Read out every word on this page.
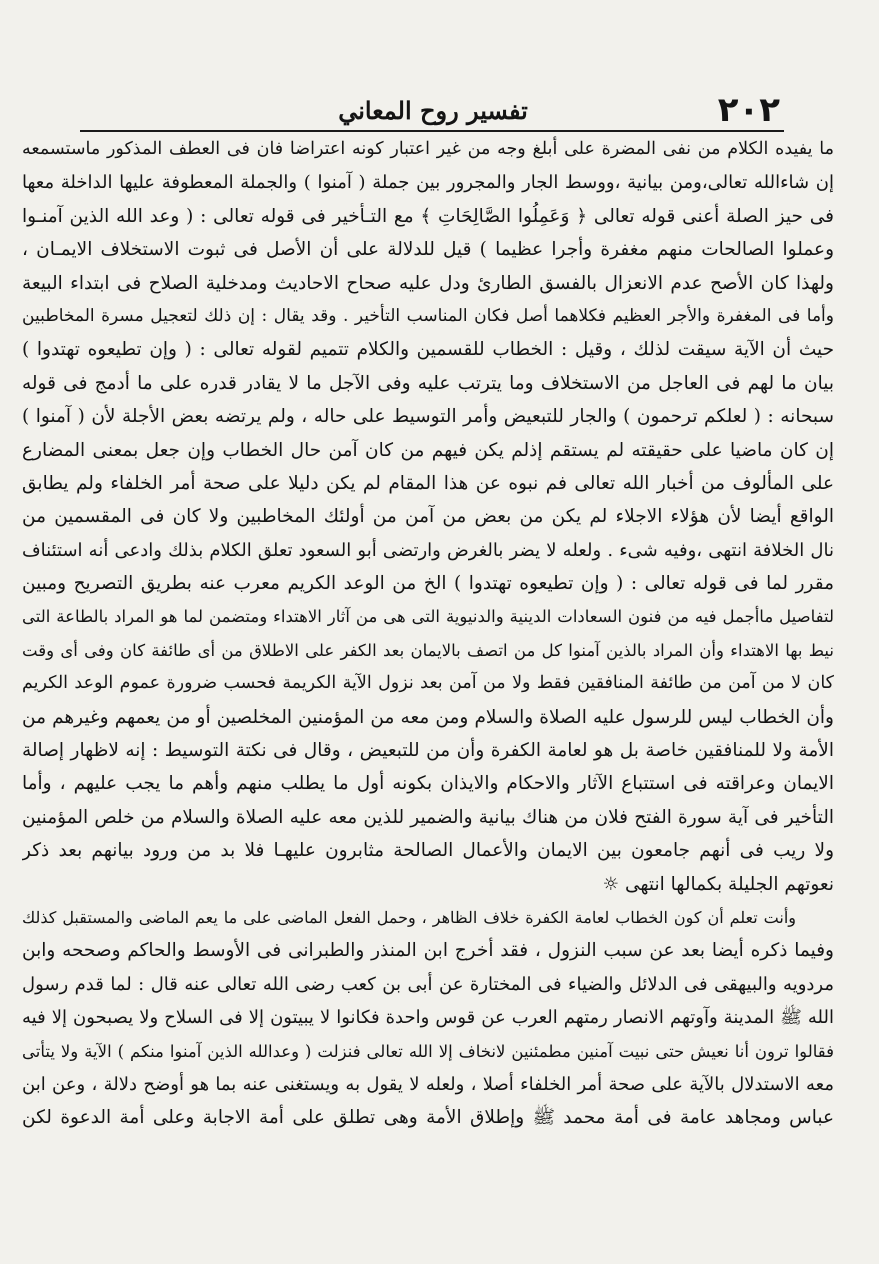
٢٠٢
تفسير روح المعاني
ما يفيده الكلام من نفى المضرة على أبلغ وجه من غير اعتبار كونه اعتراضا فان فى العطف المذكور ماستسمعه
إن شاءالله تعالى،ومن بيانية ،ووسط الجار والمجرور بين جملة ( آمنوا ) والجملة المعطوفة عليها الداخلة معها
فى حيز الصلة أعنى قوله تعالى ﴿ وَعَمِلُوا الصَّالِحَاتِ ﴾ مع التـأخير فى قوله تعالى : ( وعد الله الذين آمنـوا
وعملوا الصالحات منهم مغفرة وأجرا عظيما ) قيل للدلالة على أن الأصل فى ثبوت الاستخلاف الايمـان ،
ولهذا كان الأصح عدم الانعزال بالفسق الطارئ ودل عليه صحاح الاحاديث ومدخلية الصلاح فى ابتداء البيعة
وأما فى المغفرة والأجر العظيم فكلاهما أصل فكان المناسب التأخير . وقد يقال : إن ذلك لتعجيل مسرة المخاطبين
حيث أن الآية سيقت لذلك ، وقيل : الخطاب للقسمين والكلام تتميم لقوله تعالى : ( وإن تطيعوه تهتدوا )
بيان ما لهم فى العاجل من الاستخلاف وما يترتب عليه وفى الآجل ما لا يقادر قدره على ما أدمج فى قوله
سبحانه : ( لعلكم ترحمون ) والجار للتبعيض وأمر التوسيط على حاله ، ولم يرتضه بعض الأجلة لأن ( آمنوا )
إن كان ماضيا على حقيقته لم يستقم إذلم يكن فيهم من كان آمن حال الخطاب وإن جعل بمعنى المضارع
على المألوف من أخبار الله تعالى فم نبوه عن هذا المقام لم يكن دليلا على صحة أمر الخلفاء ولم يطابق
الواقع أيضا لأن هؤلاء الاجلاء لم يكن من بعض من آمن من أولئك المخاطبين ولا كان فى المقسمين من
نال الخلافة انتهى ،وفيه شىء . ولعله لا يضر بالغرض وارتضى أبو السعود تعلق الكلام بذلك وادعى أنه استئناف
مقرر لما فى قوله تعالى : ( وإن تطيعوه تهتدوا ) الخ من الوعد الكريم معرب عنه بطريق التصريح ومبين
لتفاصيل ماأجمل فيه من فنون السعادات الدينية والدنيوية التى هى من آثار الاهتداء ومتضمن لما هو المراد بالطاعة التى
نيط بها الاهتداء وأن المراد بالذين آمنوا كل من اتصف بالايمان بعد الكفر على الاطلاق من أى طائفة كان وفى أى وقت
كان لا من آمن من طائفة المنافقين فقط ولا من آمن بعد نزول الآية الكريمة فحسب ضرورة عموم الوعد الكريم
وأن الخطاب ليس للرسول عليه الصلاة والسلام ومن معه من المؤمنين المخلصين أو من يعمهم وغيرهم من
الأمة ولا للمنافقين خاصة بل هو لعامة الكفرة وأن من للتبعيض ، وقال فى نكتة التوسيط : إنه لاظهار إصالة
الايمان وعراقته فى استتباع الآثار والاحكام والايذان بكونه أول ما يطلب منهم وأهم ما يجب عليهم ، وأما
التأخير فى آية سورة الفتح فلان من هناك بيانية والضمير للذين معه عليه الصلاة والسلام من خلص المؤمنين
ولا ريب فى أنهم جامعون بين الايمان والأعمال الصالحة مثابرون عليهـا فلا بد من ورود بيانهم بعد ذكر
نعوتهم الجليلة بكمالها انتهى ☼
وأنت تعلم أن كون الخطاب لعامة الكفرة خلاف الظاهر ، وحمل الفعل الماضى على ما يعم الماضى والمستقبل كذلك
وفيما ذكره أيضا بعد عن سبب النزول ، فقد أخرج ابن المنذر والطبرانى فى الأوسط والحاكم وصححه وابن
مردويه والبيهقى فى الدلائل والضياء فى المختارة عن أبى بن كعب رضى الله تعالى عنه قال : لما قدم رسول
الله ﷺ المدينة وآوتهم الانصار رمتهم العرب عن قوس واحدة فكانوا لا يبيتون إلا فى السلاح ولا يصبحون إلا فيه
فقالوا ترون أنا نعيش حتى نبيت آمنين مطمئنين لانخاف إلا الله تعالى فنزلت ( وعدالله الذين آمنوا منكم ) الآية ولا يتأتى
معه الاستدلال بالآية على صحة أمر الخلفاء أصلا ، ولعله لا يقول به ويستغنى عنه بما هو أوضح دلالة ، وعن ابن
عباس ومجاهد عامة فى أمة محمد ﷺ وإطلاق الأمة وهى تطلق على أمة الاجابة وعلى أمة الدعوة لكن
